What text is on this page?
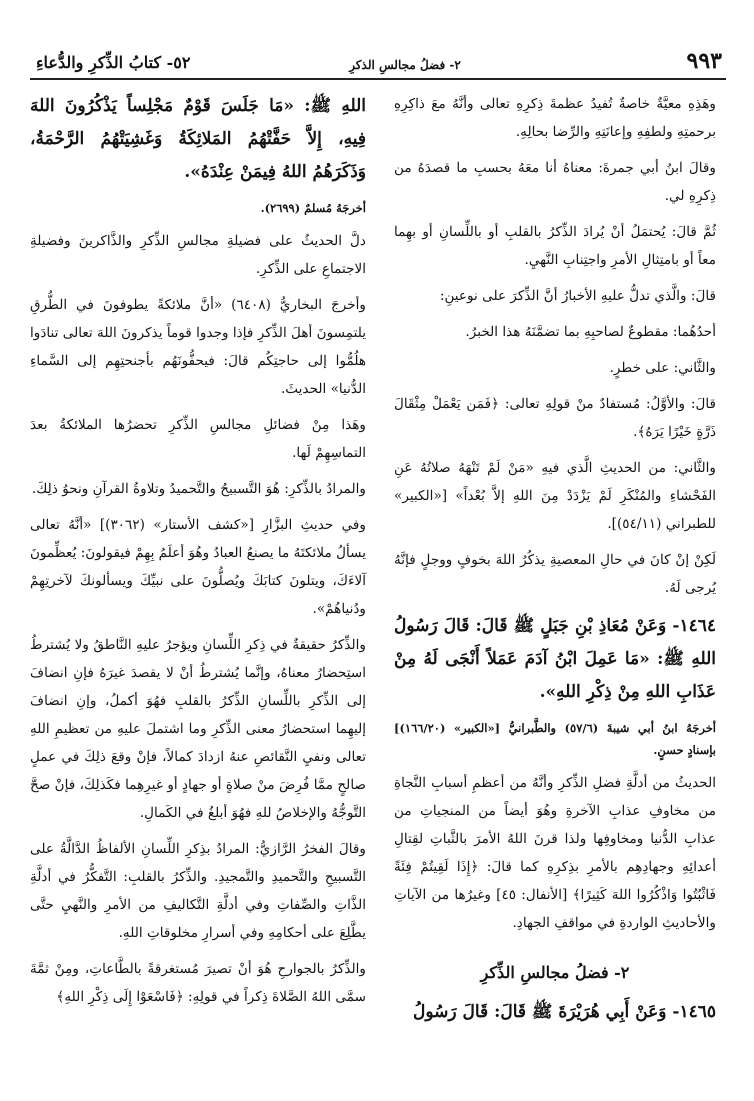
٩٩٣
٢- فضلُ مجالسِ الذكرِ
٥٢- كتابُ الذِّكرِ والدُّعاءِ

وهَذِهِ معيَّةٌ خاصةٌ تُفيدُ عظمةَ ذِكرِهِ تعالى وأنَّهُ معَ ذاكِرِهِ برحمتِهِ ولطفِهِ وإعانَتِهِ والرِّضا بحالِهِ.

وقالَ ابنُ أبي جمرةَ: معناهُ أنا معَهُ بحسبِ ما قصدَهُ من ذِكرِهِ لي.

ثُمَّ قالَ: يُحتمَلُ أنْ يُرادَ الذِّكرُ بالقلبِ أو باللِّسانِ أو بهِما معاً أو بامتِثالِ الأمرِ واجتِنابِ النَّهيِ.

قالَ: والَّذي تدلُّ عليهِ الأخبارُ أنَّ الذِّكرَ على نوعينِ:

أحدُهُما: مقطوعٌ لصاحبِهِ بما تضمَّنَهُ هذا الخبرُ.

والثَّاني: على خطرٍ.

قالَ: والأوَّلُ: مُستفادٌ منْ قولِهِ تعالى: ﴿فَمَن يَعْمَلْ مِثْقَالَ ذَرَّةٍ خَيْرًا يَرَهُ﴾.

والثَّاني: من الحديثِ الَّذي فيهِ «مَنْ لَمْ تَنْهَهُ صلاتُهُ عَنِ الفَحْشاءِ والمُنْكَرِ لَمْ يَزْدَدْ مِنَ اللهِ إلاَّ بُعْداً» [«الكبير» للطبراني (٥٤/١١)].

لَكِنْ إنْ كانَ في حالِ المعصيةِ يذكُرُ اللهَ بخوفٍ ووجلٍ فإنَّهُ يُرجى لَهُ.

١٤٦٤- وَعَنْ مُعَاذِ بْنِ جَبَلٍ ﷺ قَالَ: قَالَ رَسُولُ اللهِ ﷺ: «مَا عَمِلَ ابْنُ آدَمَ عَمَلاً أَنْجَى لَهُ مِنْ عَذَابِ اللهِ مِنْ ذِكْرِ اللهِ».

أخرجَهُ ابنُ أبي شيبةَ (٥٧/٦) والطَّبرانيُّ [«الكبير» (١٦٦/٢٠)] بإسنادٍ حسنٍ.

الحديثُ من أدلَّةِ فضلِ الذِّكرِ وأنَّهُ من أعظمِ أسبابِ النَّجاةِ من مخاوفِ عذابِ الآخرةِ وهُوَ أيضاً من المنجياتِ من عذابِ الدُّنيا ومخاوفِها ولذا قرنَ اللهُ الأمرَ بالثَّباتِ لقِتالِ أعدائِهِ وجهادِهِم بالأمرِ بذِكرِهِ كما قالَ: ﴿إِذَا لَقِيتُمْ فِئَةً فَاثْبُتُوا وَاذْكُرُوا اللهَ كَثِيرًا﴾ [الأنفال: ٤٥] وغيرُها من الآياتِ والأحاديثِ الواردةِ في مواقفِ الجهادِ.

٢- فضلُ مجالسِ الذِّكرِ

١٤٦٥- وَعَنْ أَبِي هُرَيْرَةَ ﷺ قَالَ: قَالَ رَسُولُ

اللهِ ﷺ: «مَا جَلَسَ قَوْمٌ مَجْلِساً يَذْكُرُونَ اللهَ فِيهِ، إِلاَّ حَفَّتْهُمُ المَلائِكَةُ وَغَشِيَتْهُمُ الرَّحْمَةُ، وَذَكَرَهُمُ اللهُ فِيمَنْ عِنْدَهُ».

أخرجَهُ مُسلمٌ (٢٦٩٩).

دلَّ الحديثُ على فضيلةِ مجالسِ الذِّكرِ والذَّاكرينَ وفضيلةِ الاجتماعِ على الذِّكرِ.

وأخرجَ البخاريُّ (٦٤٠٨) «أنَّ ملائكةً يطوفونَ في الطُّرقِ يلتمِسونَ أهلَ الذِّكرِ فإذا وجدوا قوماً يذكرونَ اللهَ تعالى تنادَوا هلُمُّوا إلى حاجتِكُم قالَ: فيحفُّونَهُم بأجنحتِهِم إلى السَّماءِ الدُّنيا» الحديثَ.

وهَذا مِنْ فضائلِ مجالسِ الذِّكرِ تحضرُها الملائكةُ بعدَ التماسِهِمْ لَها.

والمرادُ بالذِّكرِ: هُوَ التَّسبيحُ والتَّحميدُ وتلاوةُ القرآنِ ونحوُ ذلِكَ.

وفي حديثِ البزَّارِ [«كشف الأستار» (٣٠٦٢)] «أنَّهُ تعالى يسألُ ملائكتَهُ ما يصنعُ العبادُ وهُوَ أعلَمُ بِهِمْ فيقولونَ: يُعظِّمونَ آلاءَكَ، ويتلونَ كتابَكَ ويُصلُّونَ على نبيِّكَ ويسألونكَ لآخرتِهِمْ ودُنياهُمْ».

والذِّكرُ حقيقةٌ في ذِكرِ اللِّسانِ ويؤجرُ عليهِ النَّاطقُ ولا يُشترطُ استِحضارُ معناهُ، وإنَّما يُشترطُ أنْ لا يقصدَ غيرَهُ فإنِ انضافَ إلى الذِّكرِ باللِّسانِ الذِّكرُ بالقلبِ فهُوَ أكملُ، وإنِ انضافَ إليهِما استحضارُ معنى الذِّكرِ وما اشتملَ عليهِ من تعظيمِ اللهِ تعالى ونفيِ النَّقائصِ عنهُ ازدادَ كمالاً، فإنْ وقعَ ذلِكَ في عملٍ صالحٍ ممَّا فُرِضَ منْ صلاةٍ أو جهادٍ أو غيرِهِما فكَذلِكَ، فإنْ صحَّ التَّوجُّهُ والإخلاصُ للهِ فهُوَ أبلغُ في الكَمالِ.

وقالَ الفخرُ الرَّازيُّ: المرادُ بذِكرِ اللِّسانِ الألفاظُ الدَّالَّةُ على التَّسبيحِ والتَّحميدِ والتَّمجيدِ. والذِّكرُ بالقلبِ: التَّفكُّرُ في أدلَّةِ الذَّاتِ والصِّفاتِ وفي أدلَّةِ التَّكاليفِ من الأمرِ والنَّهيِ حتَّى يطَّلِعَ على أحكامِهِ وفي أسرارِ مخلوقاتِ اللهِ.

والذِّكرُ بالجوارحِ هُوَ أنْ تصيرَ مُستغرقةً بالطَّاعاتِ، ومِنْ ثمَّةَ سمَّى اللهُ الصَّلاةَ ذِكراً في قولِهِ: ﴿فَاسْعَوْا إِلَى ذِكْرِ اللهِ﴾
